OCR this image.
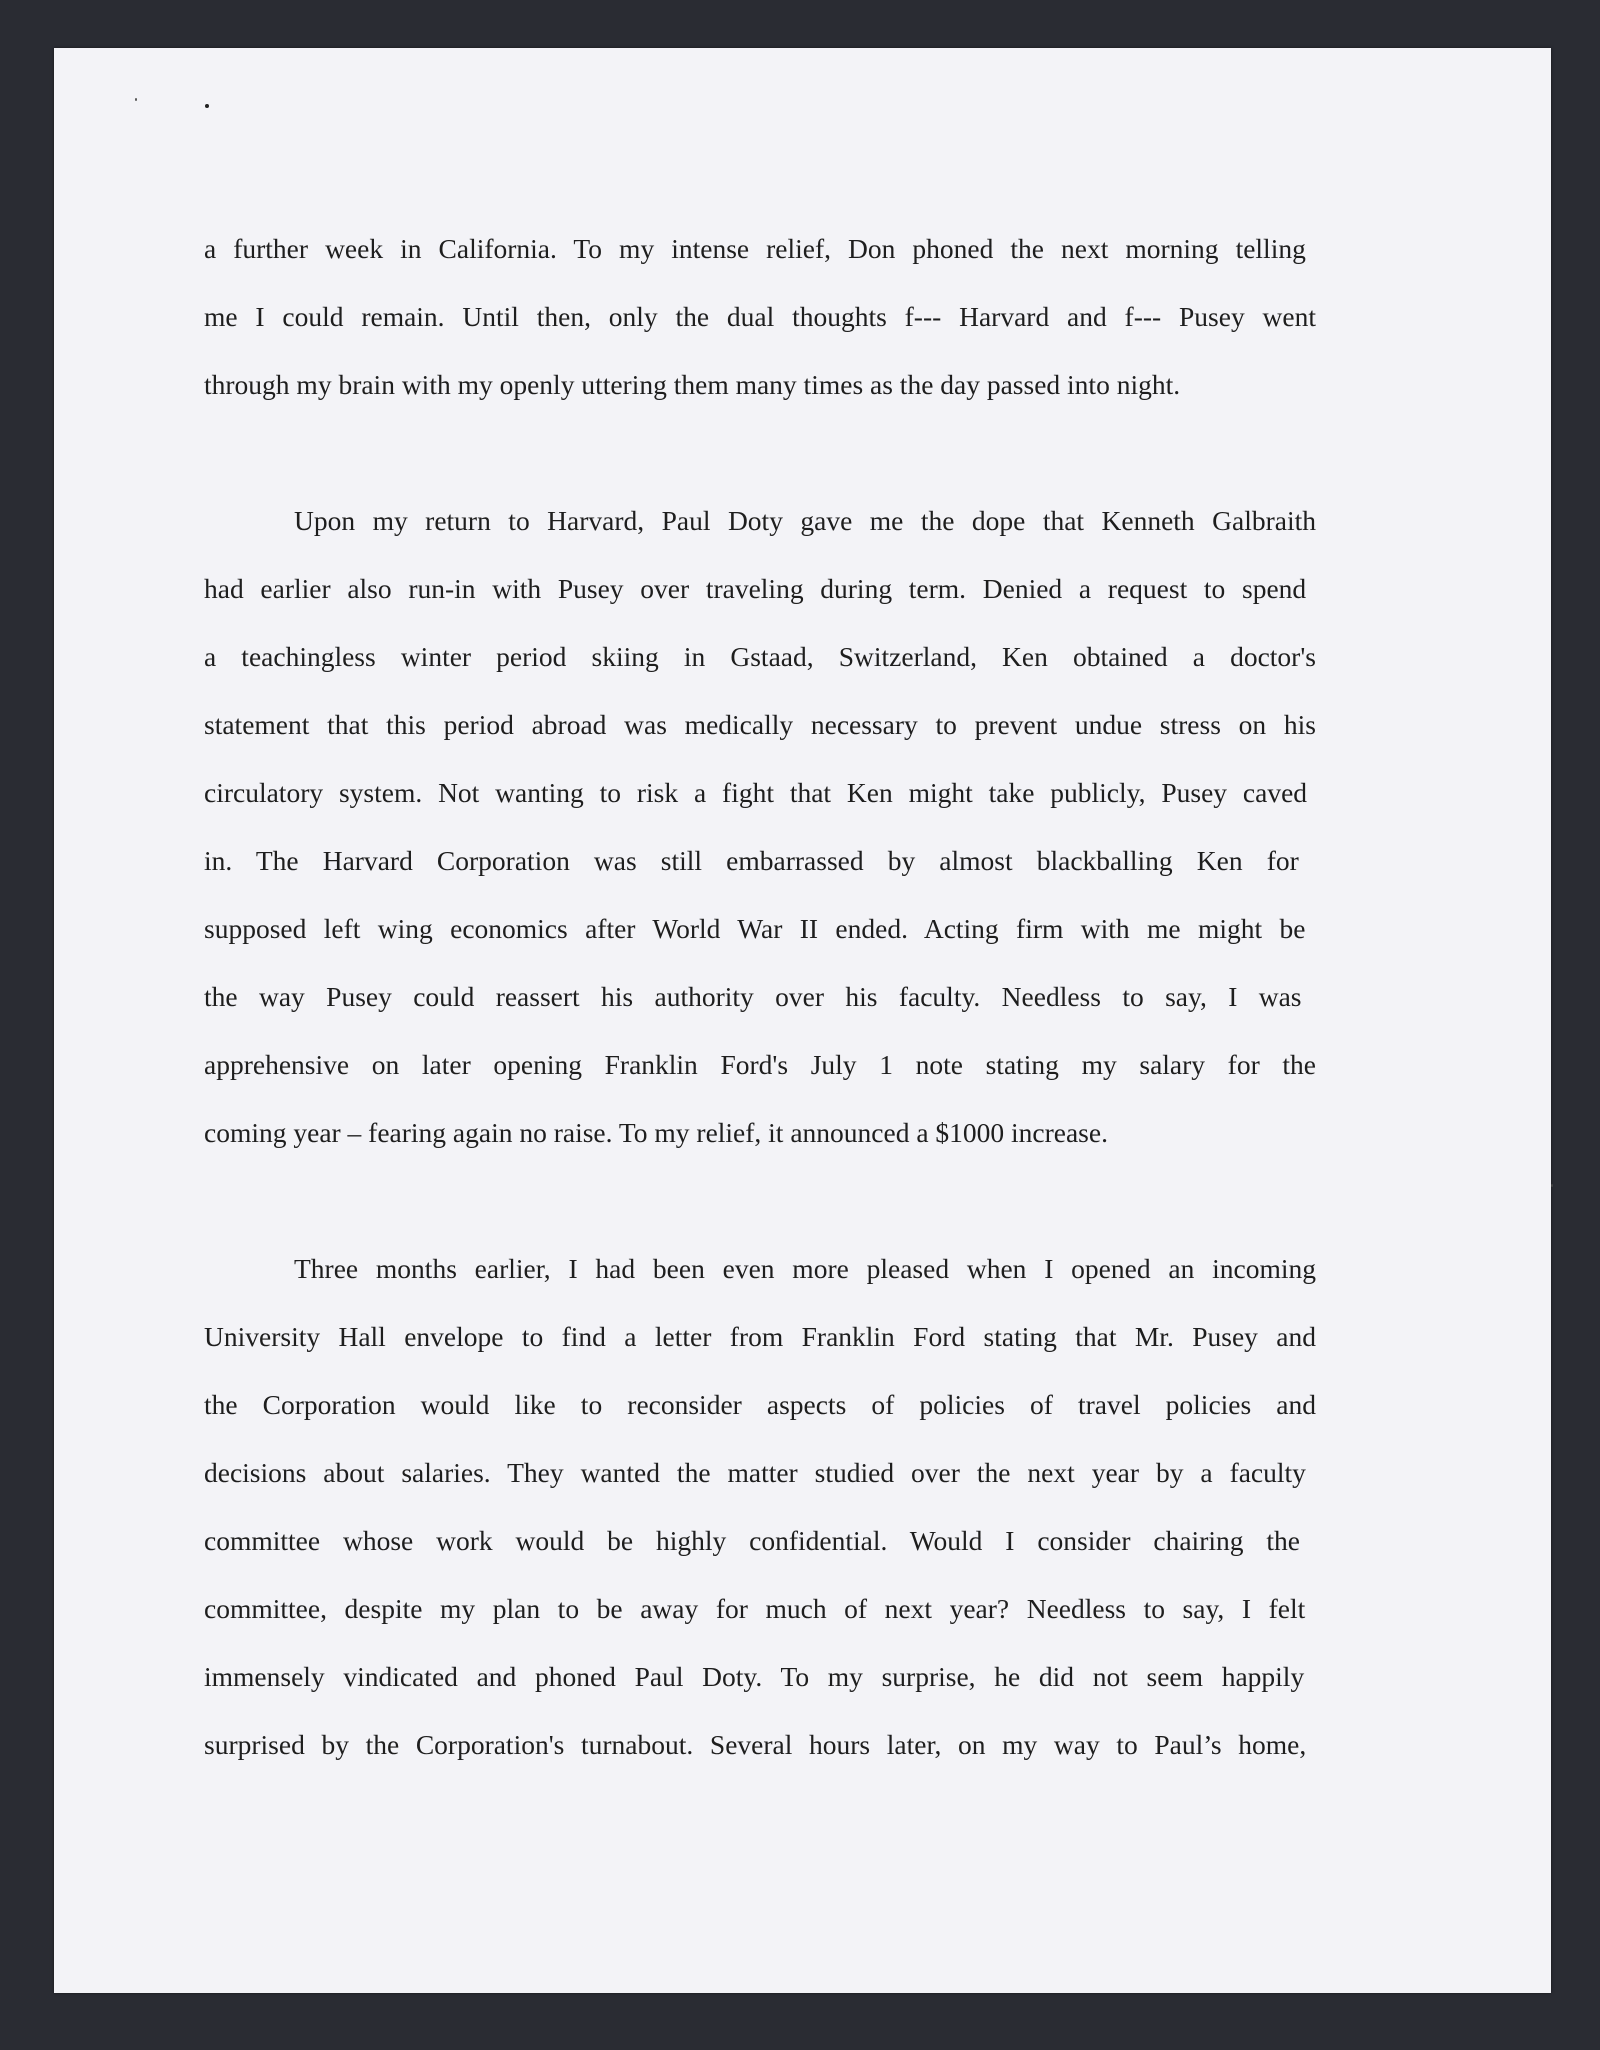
a further week in California. To my intense relief, Don phoned the next morning telling
me I could remain. Until then, only the dual thoughts f--- Harvard and f--- Pusey went
through my brain with my openly uttering them many times as the day passed into night.
Upon my return to Harvard, Paul Doty gave me the dope that Kenneth Galbraith
had earlier also run-in with Pusey over traveling during term. Denied a request to spend
a teachingless winter period skiing in Gstaad, Switzerland, Ken obtained a doctor's
statement that this period abroad was medically necessary to prevent undue stress on his
circulatory system. Not wanting to risk a fight that Ken might take publicly, Pusey caved
in. The Harvard Corporation was still embarrassed by almost blackballing Ken for
supposed left wing economics after World War II ended. Acting firm with me might be
the way Pusey could reassert his authority over his faculty. Needless to say, I was
apprehensive on later opening Franklin Ford's July 1 note stating my salary for the
coming year – fearing again no raise. To my relief, it announced a $1000 increase.
Three months earlier, I had been even more pleased when I opened an incoming
University Hall envelope to find a letter from Franklin Ford stating that Mr. Pusey and
the Corporation would like to reconsider aspects of policies of travel policies and
decisions about salaries. They wanted the matter studied over the next year by a faculty
committee whose work would be highly confidential. Would I consider chairing the
committee, despite my plan to be away for much of next year? Needless to say, I felt
immensely vindicated and phoned Paul Doty. To my surprise, he did not seem happily
surprised by the Corporation's turnabout. Several hours later, on my way to Paul’s home,
